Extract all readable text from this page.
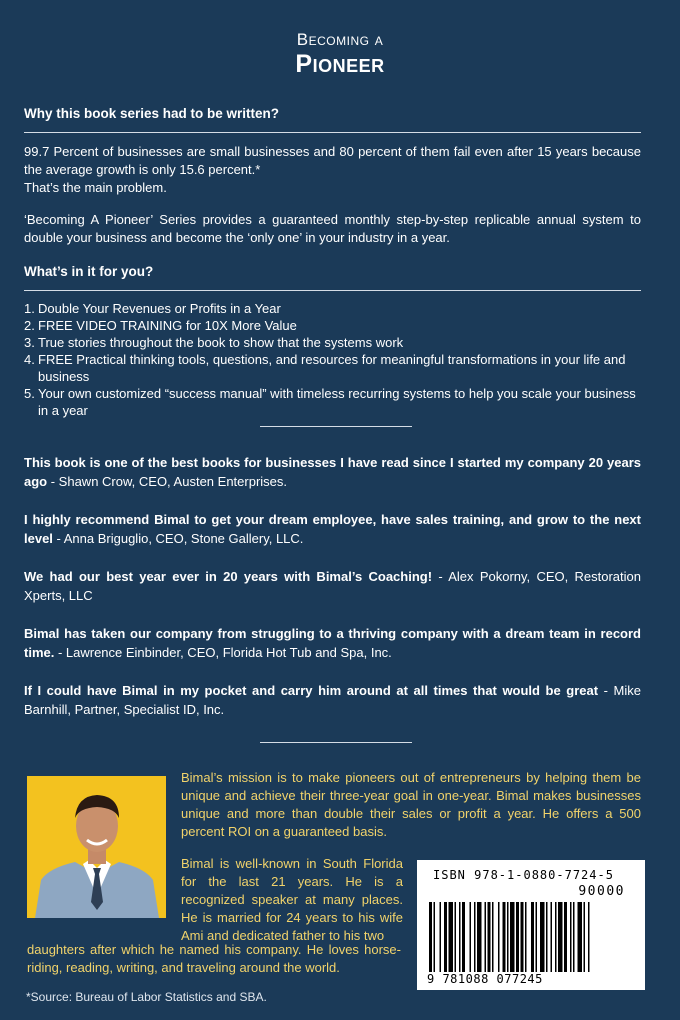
Becoming a
Pioneer
Why this book series had to be written?
99.7 Percent of businesses are small businesses and 80 percent of them fail even after 15 years because the average growth is only 15.6 percent.*
That’s the main problem.
‘Becoming A Pioneer’ Series provides a guaranteed monthly step-by-step replicable annual system to double your business and become the ‘only one’ in your industry in a year.
What’s in it for you?
1. Double Your Revenues or Profits in a Year
2. FREE VIDEO TRAINING for 10X More Value
3. True stories throughout the book to show that the systems work
4. FREE Practical thinking tools, questions, and resources for meaningful transformations in your life and business
5. Your own customized “success manual” with timeless recurring systems to help you scale your business in a year
This book is one of the best books for businesses I have read since I started my company 20 years ago - Shawn Crow, CEO, Austen Enterprises.
I highly recommend Bimal to get your dream employee, have sales training, and grow to the next level - Anna Briguglio, CEO, Stone Gallery, LLC.
We had our best year ever in 20 years with Bimal’s Coaching! - Alex Pokorny, CEO, Restoration Xperts, LLC
Bimal has taken our company from struggling to a thriving company with a dream team in record time. - Lawrence Einbinder, CEO, Florida Hot Tub and Spa, Inc.
If I could have Bimal in my pocket and carry him around at all times that would be great - Mike Barnhill, Partner, Specialist ID, Inc.
Bimal’s mission is to make pioneers out of entrepreneurs by helping them be unique and achieve their three-year goal in one-year. Bimal makes businesses unique and more than double their sales or profit a year. He offers a 500 percent ROI on a guaranteed basis.
Bimal is well-known in South Florida for the last 21 years. He is a recognized speaker at many places. He is married for 24 years to his wife Ami and dedicated father to his two
daughters after which he named his company. He loves horse-riding, reading, writing, and traveling around the world.
ISBN 978-1-0880-7724-5
90000
9 781088 077245
*Source: Bureau of Labor Statistics and SBA.
